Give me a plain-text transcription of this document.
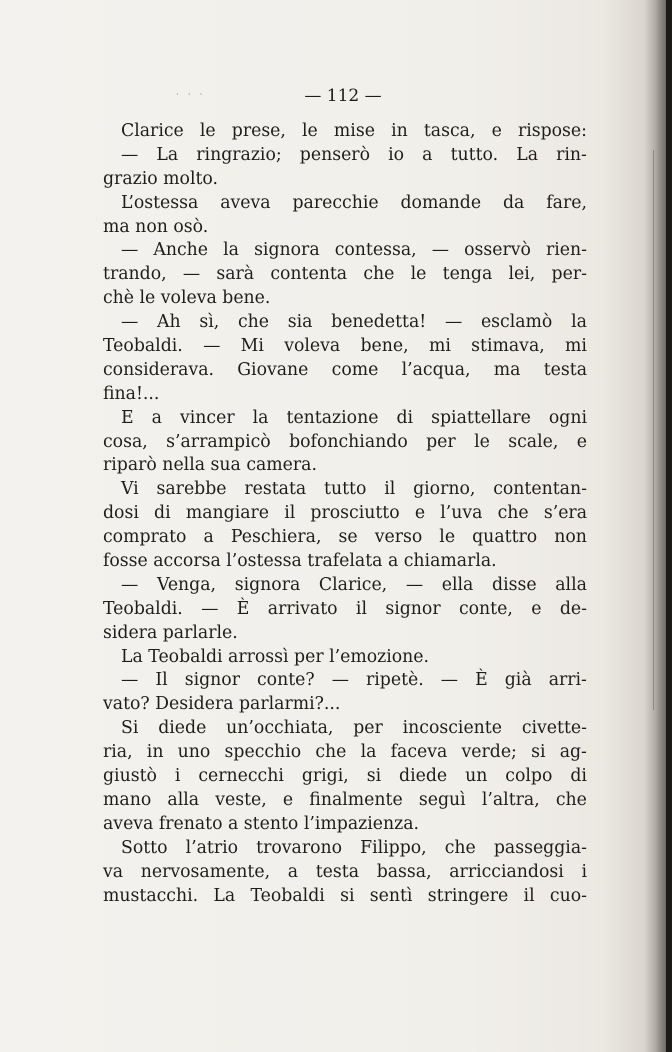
· · ·	— 112 —
Clarice le prese, le mise in tasca, e rispose:
— La ringrazio; penserò io a tutto. La rin-
grazio molto.
L’ostessa aveva parecchie domande da fare,
ma non osò.
— Anche la signora contessa, — osservò rien-
trando, — sarà contenta che le tenga lei, per-
chè le voleva bene.
— Ah sì, che sia benedetta! — esclamò la
Teobaldi. — Mi voleva bene, mi stimava, mi
considerava. Giovane come l’acqua, ma testa
fina!...
E a vincer la tentazione di spiattellare ogni
cosa, s’arrampicò bofonchiando per le scale, e
riparò nella sua camera.
Vi sarebbe restata tutto il giorno, contentan-
dosi di mangiare il prosciutto e l’uva che s’era
comprato a Peschiera, se verso le quattro non
fosse accorsa l’ostessa trafelata a chiamarla.
— Venga, signora Clarice, — ella disse alla
Teobaldi. — È arrivato il signor conte, e de-
sidera parlarle.
La Teobaldi arrossì per l’emozione.
— Il signor conte? — ripetè. — È già arri-
vato? Desidera parlarmi?...
Si diede un’occhiata, per incosciente civette-
ria, in uno specchio che la faceva verde; si ag-
giustò i cernecchi grigi, si diede un colpo di
mano alla veste, e finalmente seguì l’altra, che
aveva frenato a stento l’impazienza.
Sotto l’atrio trovarono Filippo, che passeggia-
va nervosamente, a testa bassa, arricciandosi i
mustacchi. La Teobaldi si sentì stringere il cuo-
